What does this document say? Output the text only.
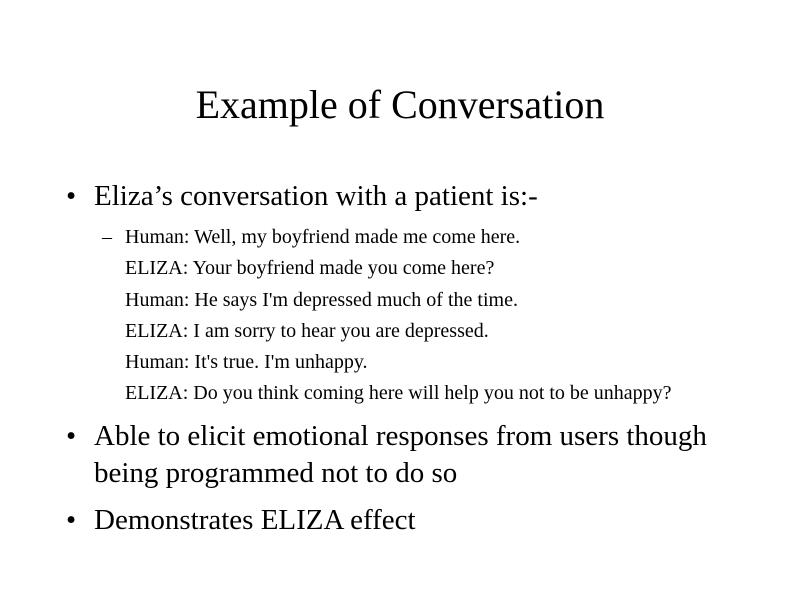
Example of Conversation
• Eliza’s conversation with a patient is:-
– Human: Well, my boyfriend made me come here.
ELIZA: Your boyfriend made you come here?
Human: He says I'm depressed much of the time.
ELIZA: I am sorry to hear you are depressed.
Human: It's true. I'm unhappy.
ELIZA: Do you think coming here will help you not to be unhappy?
• Able to elicit emotional responses from users though being programmed not to do so
• Demonstrates ELIZA effect
